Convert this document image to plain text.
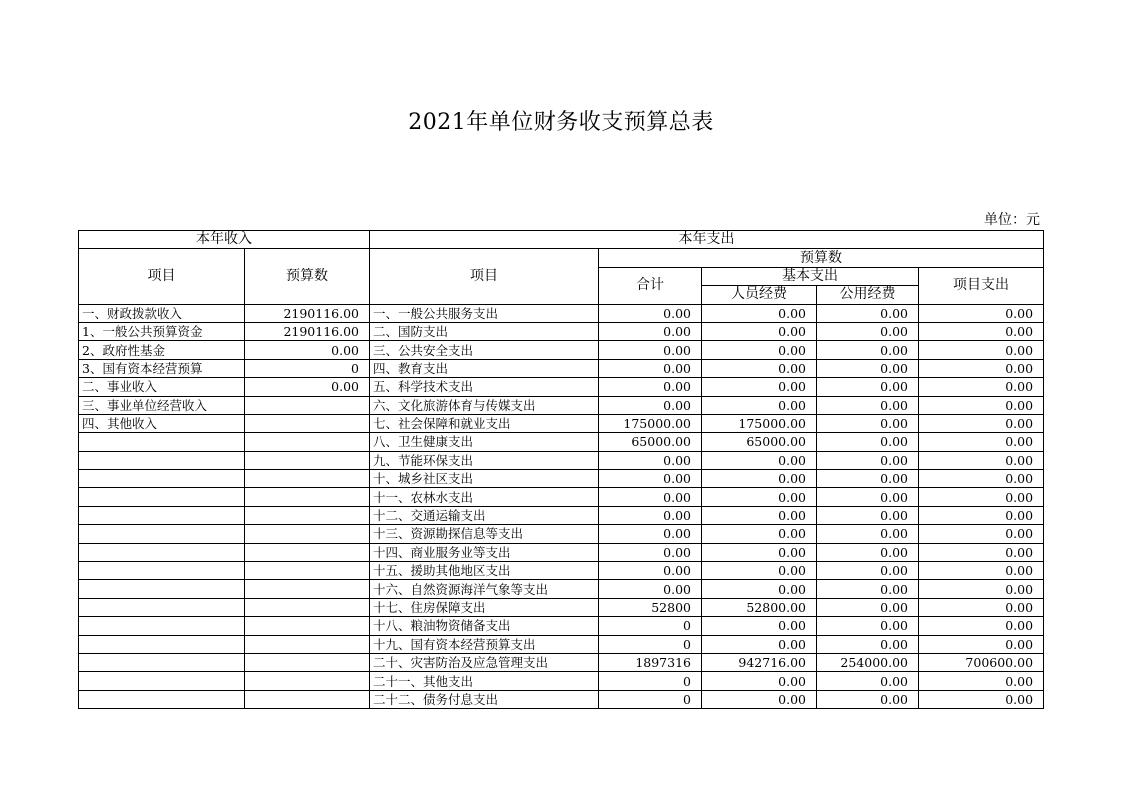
2021年单位财务收支预算总表
单位：元
本年收入		本年支出				
项目	预算数	项目	预算数			
			合计	基本支出		项目支出
				人员经费	公用经费	
一、财政拨款收入	2190116.00	一、一般公共服务支出	0.00	0.00	0.00	0.00
1、一般公共预算资金	2190116.00	二、国防支出	0.00	0.00	0.00	0.00
2、政府性基金	0.00	三、公共安全支出	0.00	0.00	0.00	0.00
3、国有资本经营预算	0	四、教育支出	0.00	0.00	0.00	0.00
二、事业收入	0.00	五、科学技术支出	0.00	0.00	0.00	0.00
三、事业单位经营收入		六、文化旅游体育与传媒支出	0.00	0.00	0.00	0.00
四、其他收入		七、社会保障和就业支出	175000.00	175000.00	0.00	0.00
		八、卫生健康支出	65000.00	65000.00	0.00	0.00
		九、节能环保支出	0.00	0.00	0.00	0.00
		十、城乡社区支出	0.00	0.00	0.00	0.00
		十一、农林水支出	0.00	0.00	0.00	0.00
		十二、交通运输支出	0.00	0.00	0.00	0.00
		十三、资源勘探信息等支出	0.00	0.00	0.00	0.00
		十四、商业服务业等支出	0.00	0.00	0.00	0.00
		十五、援助其他地区支出	0.00	0.00	0.00	0.00
		十六、自然资源海洋气象等支出	0.00	0.00	0.00	0.00
		十七、住房保障支出	52800	52800.00	0.00	0.00
		十八、粮油物资储备支出	0	0.00	0.00	0.00
		十九、国有资本经营预算支出	0	0.00	0.00	0.00
		二十、灾害防治及应急管理支出	1897316	942716.00	254000.00	700600.00
		二十一、其他支出	0	0.00	0.00	0.00
		二十二、债务付息支出	0	0.00	0.00	0.00
